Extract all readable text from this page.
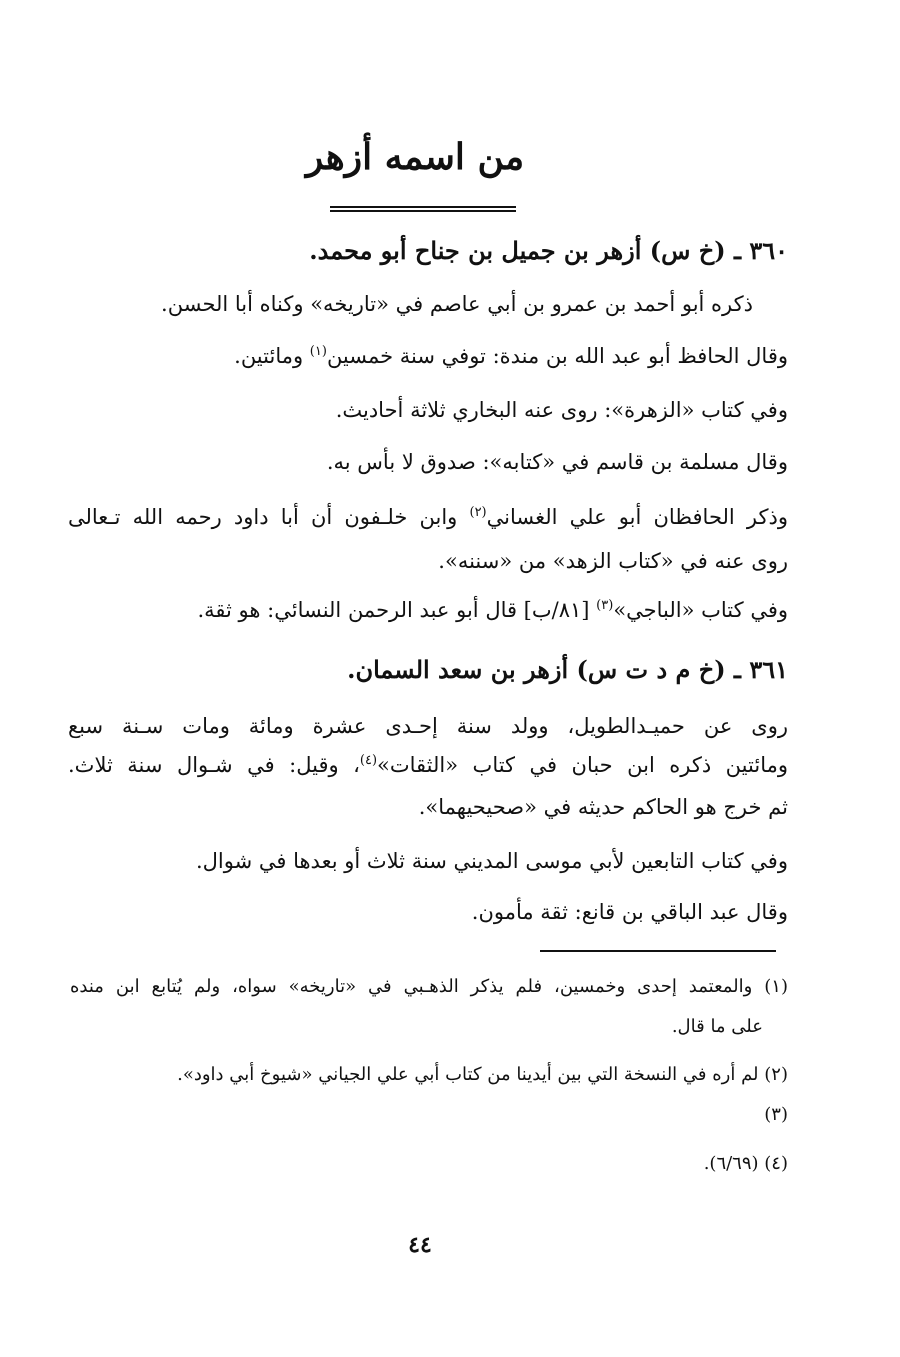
من اسمه أزهر

٣٦٠ ـ (خ س) أزهر بن جميل بن جناح أبو محمد.

ذكره أبو أحمد بن عمرو بن أبي عاصم في «تاريخه» وكناه أبا الحسن.

وقال الحافظ أبو عبد الله بن مندة: توفي سنة خمسين$^{(١)}$ ومائتين.

وفي كتاب «الزهرة»: روى عنه البخاري ثلاثة أحاديث.

وقال مسلمة بن قاسم في «كتابه»: صدوق لا بأس به.

وذكر الحافظان أبو علي الغساني$^{(٢)}$ وابن خلـفون أن أبا داود رحمه الله تـعالى

روى عنه في «كتاب الزهد» من «سننه».

وفي كتاب «الباجي»$^{(٣)}$ [٨١/ب] قال أبو عبد الرحمن النسائي: هو ثقة.

٣٦١ ـ (خ م د ت س) أزهر بن سعد السمان.

روى عن حميـدالطويل، وولد سنة إحـدى عشرة ومائة ومات سـنة سبع

ومائتين ذكره ابن حبان في كتاب «الثقات»$^{(٤)}$، وقيل: في شـوال سنة ثلاث.

ثم خرج هو الحاكم حديثه في «صحيحيهما».

وفي كتاب التابعين لأبي موسى المديني سنة ثلاث أو بعدها في شوال.

وقال عبد الباقي بن قانع: ثقة مأمون.

(١) والمعتمد إحدى وخمسين، فلم يذكر الذهـبي في «تاريخه» سواه، ولم يُتابع ابن منده

على ما قال.

(٢) لم أره في النسخة التي بين أيدينا من كتاب أبي علي الجياني «شيوخ أبي داود».

(٣)

(٤) (٦/٦٩).

٤٤
